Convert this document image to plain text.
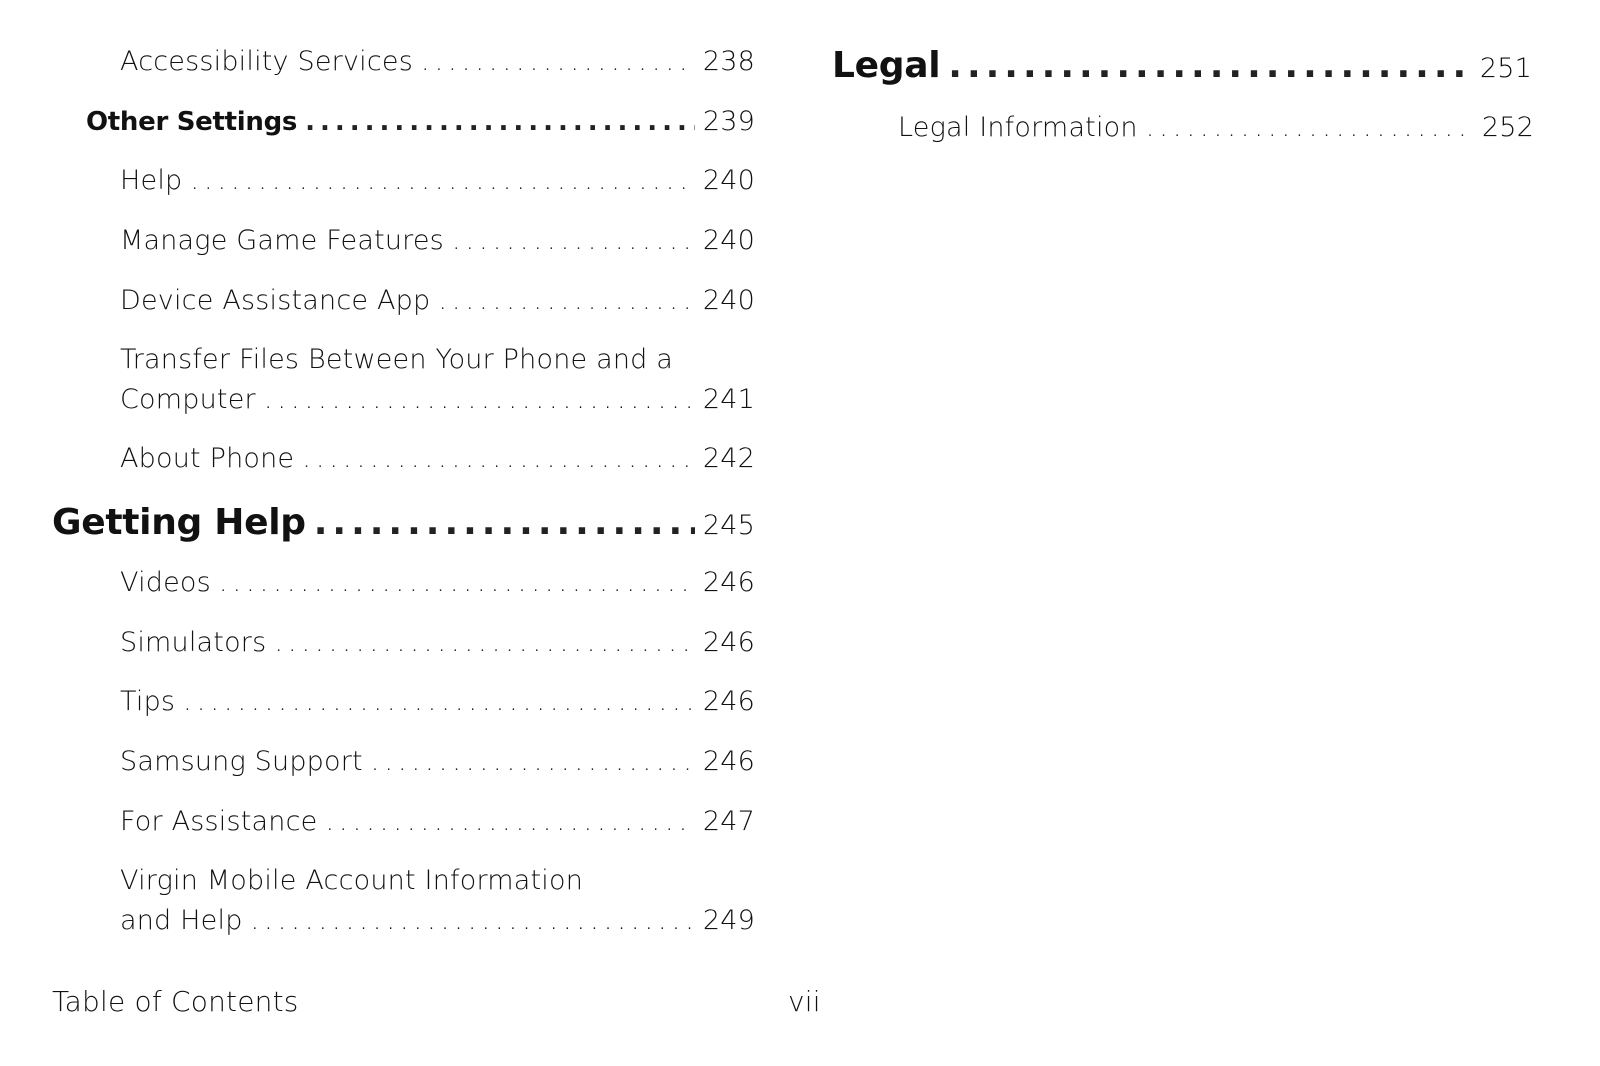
Accessibility Services .....	238
Other Settings .....	239
Help .....	240
Manage Game Features .....	240
Device Assistance App .....	240
Transfer Files Between Your Phone and a
Computer .....	241
About Phone .....	242
Getting Help .....	245
Videos .....	246
Simulators .....	246
Tips .....	246
Samsung Support .....	246
For Assistance .....	247
Virgin Mobile Account Information
and Help .....	249
Legal .....	251
Legal Information .....	252
Table of Contents	vii
